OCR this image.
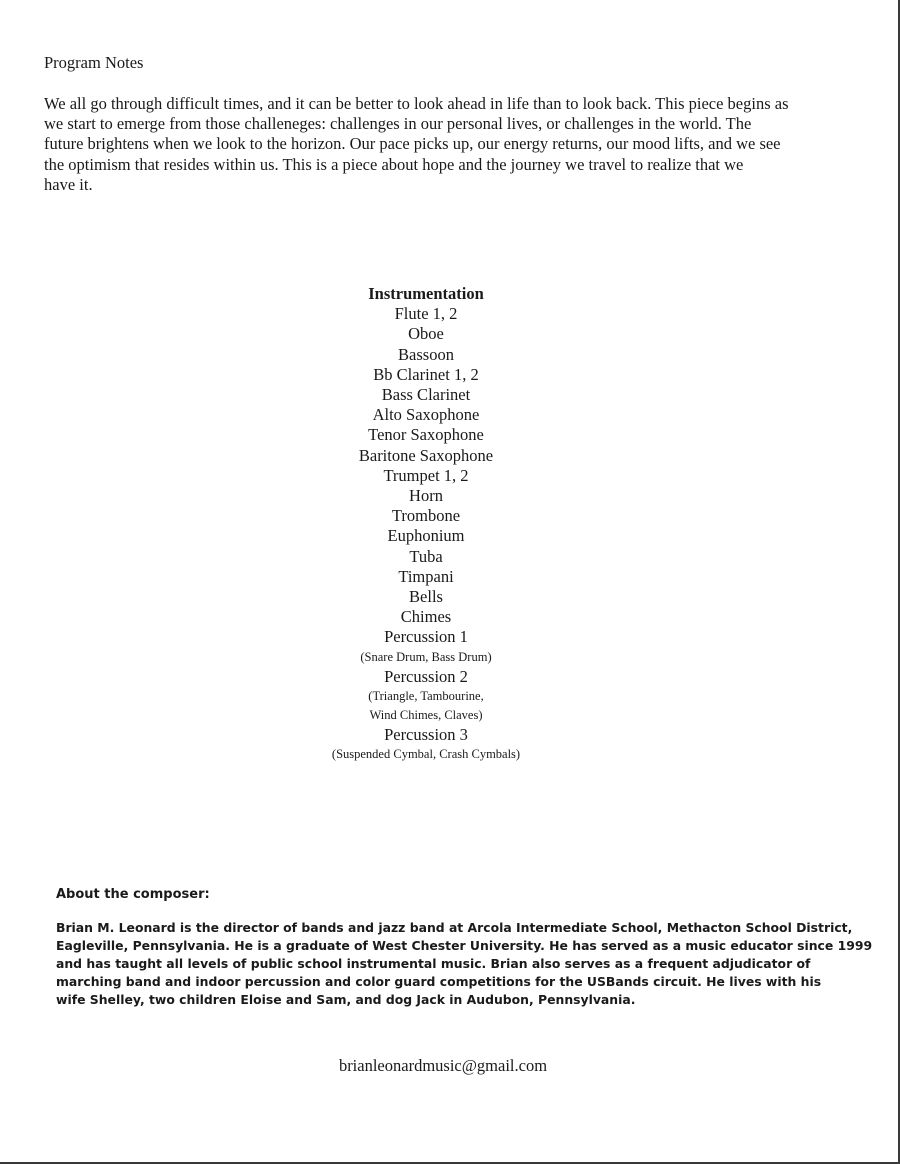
Program Notes
We all go through difficult times, and it can be better to look ahead in life than to look back. This piece begins as
we start to emerge from those challeneges: challenges in our personal lives, or challenges in the world. The
future brightens when we look to the horizon. Our pace picks up, our energy returns, our mood lifts, and we see
the optimism that resides within us. This is a piece about hope and the journey we travel to realize that we
have it.
Instrumentation
Flute 1, 2
Oboe
Bassoon
Bb Clarinet 1, 2
Bass Clarinet
Alto Saxophone
Tenor Saxophone
Baritone Saxophone
Trumpet 1, 2
Horn
Trombone
Euphonium
Tuba
Timpani
Bells
Chimes
Percussion 1
(Snare Drum, Bass Drum)
Percussion 2
(Triangle, Tambourine,
Wind Chimes, Claves)
Percussion 3
(Suspended Cymbal, Crash Cymbals)
About the composer:
Brian M. Leonard is the director of bands and jazz band at Arcola Intermediate School, Methacton School District,
Eagleville, Pennsylvania. He is a graduate of West Chester University. He has served as a music educator since 1999
and has taught all levels of public school instrumental music. Brian also serves as a frequent adjudicator of
marching band and indoor percussion and color guard competitions for the USBands circuit. He lives with his
wife Shelley, two children Eloise and Sam, and dog Jack in Audubon, Pennsylvania.
brianleonardmusic@gmail.com
